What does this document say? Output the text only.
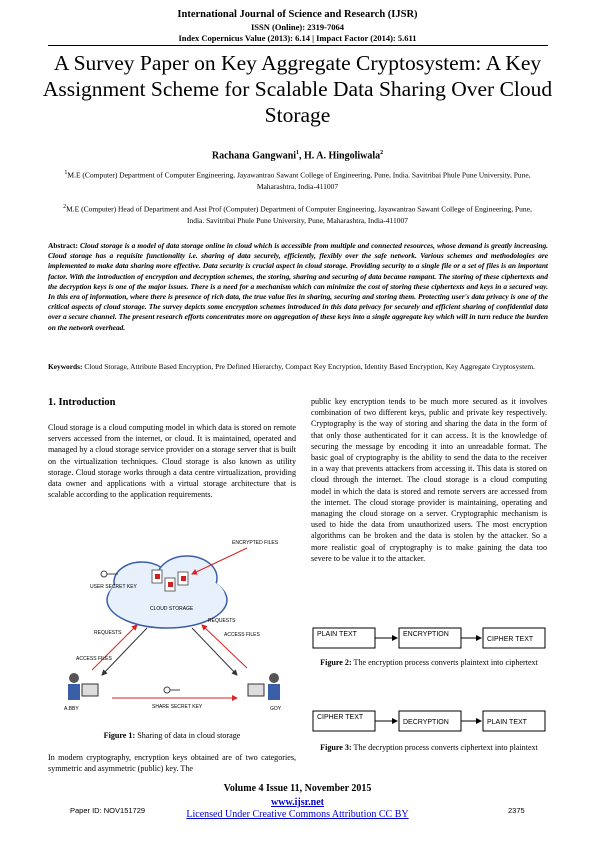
International Journal of Science and Research (IJSR)
ISSN (Online): 2319-7064
Index Copernicus Value (2013): 6.14 | Impact Factor (2014): 5.611
A Survey Paper on Key Aggregate Cryptosystem: A Key Assignment Scheme for Scalable Data Sharing Over Cloud Storage
Rachana Gangwani$^1$, H. A. Hingoliwala$^2$
$^1$M.E (Computer) Department of Computer Engineering, Jayawantrao Sawant College of Engineering, Pune, India. Savitribai Phule Pune University, Pune, Maharashtra, India-411007
$^2$M.E (Computer) Head of Department and Asst Prof (Computer) Department of Computer Engineering, Jayawantrao Sawant College of Engineering, Pune, India. Savitribai Phule Pune University, Pune, Maharashtra, India-411007
Abstract: Cloud storage is a model of data storage online in cloud which is accessible from multiple and connected resources, whose demand is greatly increasing. Cloud storage has a requisite functionality i.e. sharing of data securely, efficiently, flexibly over the safe network. Various schemes and methodologies are implemented to make data sharing more effective. Data security is crucial aspect in cloud storage. Providing security to a single file or a set of files is an important factor. With the introduction of encryption and decryption schemes, the storing, sharing and securing of data became rampant. The storing of these ciphertexts and the decryption keys is one of the major issues. There is a need for a mechanism which can minimize the cost of storing these ciphertexts and keys in a secured way. In this era of information, where there is presence of rich data, the true value lies in sharing, securing and storing them. Protecting user's data privacy is one of the critical aspects of cloud storage. The survey depicts some encryption schemes introduced in this data privacy for securely and efficient sharing of confidential data over a secure channel. The present research efforts concentrates more on aggregation of these keys into a single aggregate key which will in turn reduce the burden on the network overhead.
Keywords: Cloud Storage, Attribute Based Encryption, Pre Defined Hierarchy, Compact Key Encryption, Identity Based Encryption, Key Aggregate Cryptosystem.
1. Introduction
Cloud storage is a cloud computing model in which data is stored on remote servers accessed from the internet, or cloud. It is maintained, operated and managed by a cloud storage service provider on a storage server that is built on the virtualization techniques. Cloud storage is also known as utility storage. Cloud storage works through a data centre virtualization, providing data owner and applications with a virtual storage architecture that is scalable according to the application requirements.
CLOUD STORAGE
ENCRYPTED FILES
USER SECRET KEY
REQUESTS
ACCESS FILES
REQUESTS
ACCESS FILES
A.BBY	GOY
SHARE SECRET KEY
Figure 1: Sharing of data in cloud storage
In modern cryptography, encryption keys obtained are of two categories, symmetric and asymmetric (public) key. The
public key encryption tends to be much more secured as it involves combination of two different keys, public and private key respectively. Cryptography is the way of storing and sharing the data in the form of that only those authenticated for it can access. It is the knowledge of securing the message by encoding it into an unreadable format. The basic goal of cryptography is the ability to send the data to the receiver in a way that prevents attackers from accessing it. This data is stored on cloud through the internet. The cloud storage is a cloud computing model in which the data is stored and remote servers are accessed from the internet. The cloud storage provider is maintaining, operating and managing the cloud storage on a server. Cryptographic mechanism is used to hide the data from unauthorized users. The most encryption algorithms can be broken and the data is stolen by the attacker. So a more realistic goal of cryptography is to make gaining the data too severe to be value it to the attacker.
PLAIN TEXT	ENCRYPTION
CIPHER TEXT
Figure 2: The encryption process converts plaintext into ciphertext
CIPHER TEXT
DECRYPTION	PLAIN TEXT
Figure 3: The decryption process converts ciphertext into plaintext
Volume 4 Issue 11, November 2015
www.ijsr.net
Licensed Under Creative Commons Attribution CC BY
Paper ID: NOV151729	2375
